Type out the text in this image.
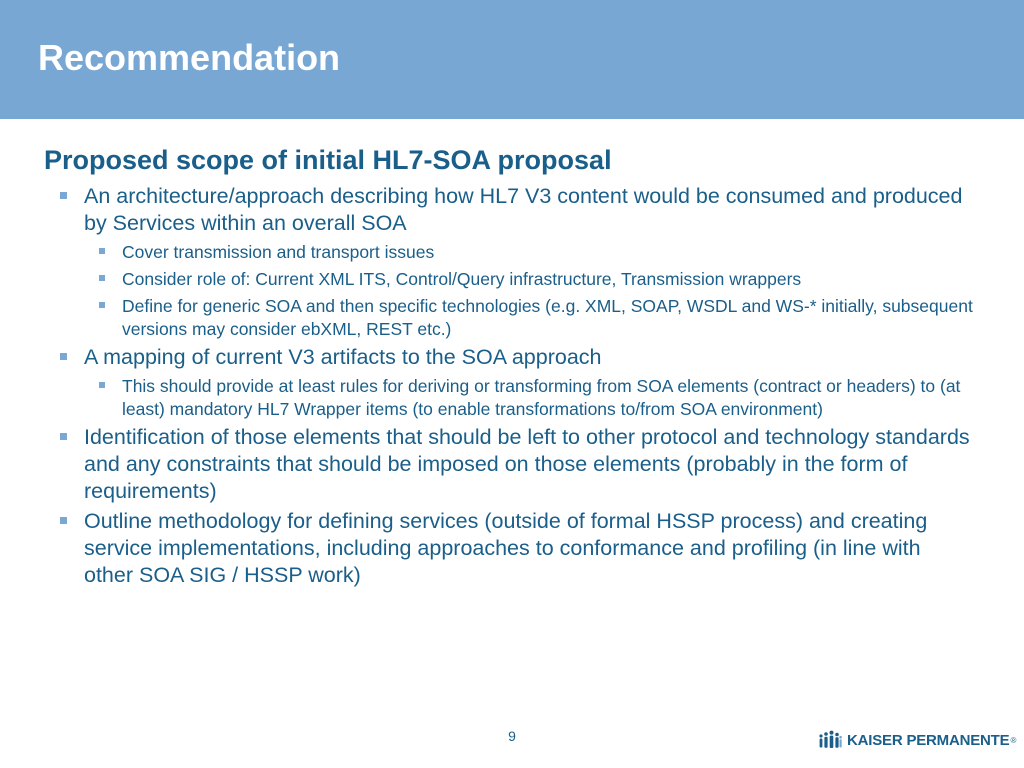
Recommendation
Proposed scope of initial HL7-SOA proposal
An architecture/approach describing how HL7 V3 content would be consumed and produced by Services within an overall SOA
Cover transmission and transport issues
Consider role of: Current XML ITS, Control/Query infrastructure, Transmission wrappers
Define for generic SOA and then specific technologies (e.g. XML, SOAP, WSDL and WS-* initially, subsequent versions may consider ebXML, REST etc.)
A mapping of current V3 artifacts to the SOA approach
This should provide at least rules for deriving or transforming from SOA elements (contract or headers) to (at least) mandatory HL7 Wrapper items (to enable transformations to/from SOA environment)
Identification of those elements that should be left to other protocol and technology standards and any constraints that should be imposed on those elements (probably in the form of requirements)
Outline methodology for defining services (outside of formal HSSP process) and creating service implementations, including approaches to conformance and profiling (in line with other SOA SIG / HSSP work)
9	KAISER PERMANENTE ®
